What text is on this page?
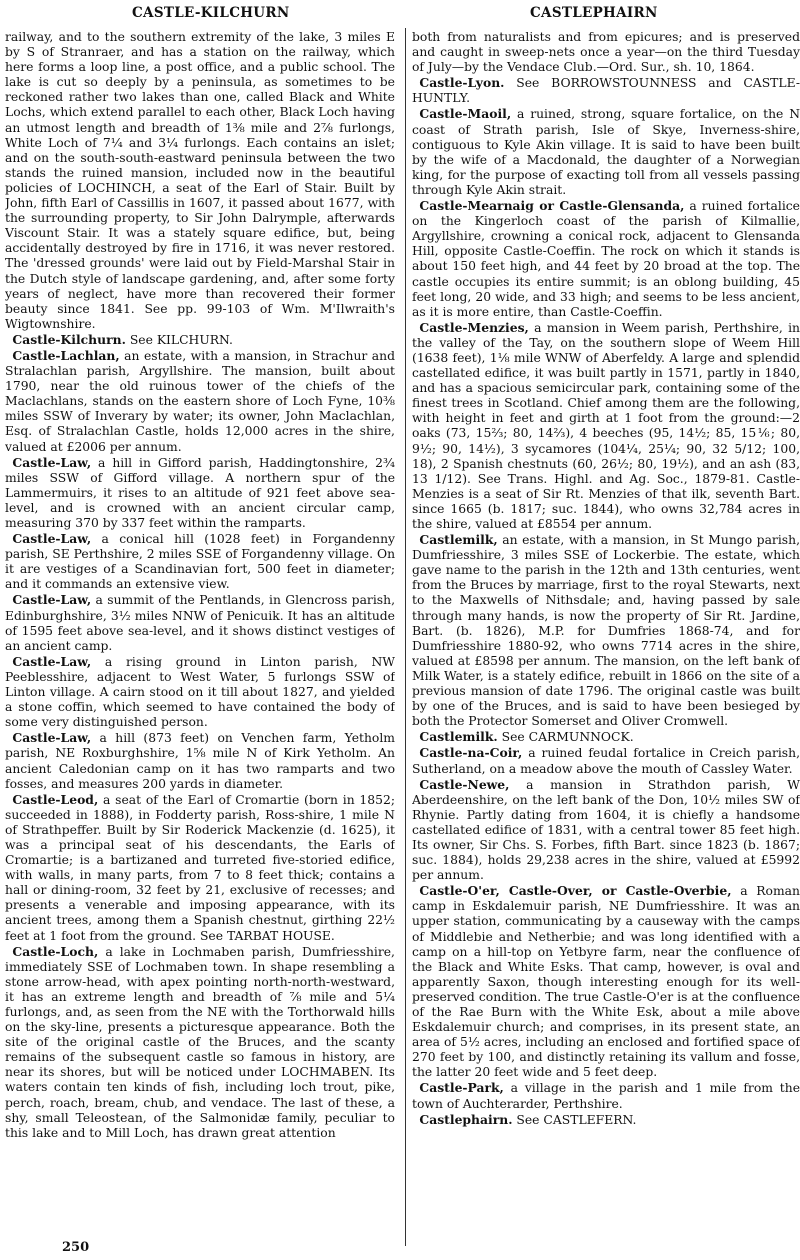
CASTLE-KILCHURN	CASTLEPHAIRN

railway, and to the southern extremity of the lake, 3 miles E by S of Stranraer, and has a station on the railway, which here forms a loop line, a post office, and a public school. The lake is cut so deeply by a peninsula, as sometimes to be reckoned rather two lakes than one, called Black and White Lochs, which extend parallel to each other, Black Loch having an utmost length and breadth of 1⅜ mile and 2⅞ furlongs, White Loch of 7¼ and 3¼ furlongs. Each contains an islet; and on the south-south-eastward peninsula between the two stands the ruined mansion, included now in the beautiful policies of LOCHINCH, a seat of the Earl of Stair. Built by John, fifth Earl of Cassillis in 1607, it passed about 1677, with the surrounding property, to Sir John Dalrymple, afterwards Viscount Stair. It was a stately square edifice, but, being accidentally destroyed by fire in 1716, it was never restored. The 'dressed grounds' were laid out by Field-Marshal Stair in the Dutch style of landscape gardening, and, after some forty years of neglect, have more than recovered their former beauty since 1841. See pp. 99-103 of Wm. M'Ilwraith's Wigtownshire.

Castle-Kilchurn. See KILCHURN.

Castle-Lachlan, an estate, with a mansion, in Strachur and Stralachlan parish, Argyllshire. The mansion, built about 1790, near the old ruinous tower of the chiefs of the Maclachlans, stands on the eastern shore of Loch Fyne, 10⅜ miles SSW of Inverary by water; its owner, John Maclachlan, Esq. of Stralachlan Castle, holds 12,000 acres in the shire, valued at £2006 per annum.

Castle-Law, a hill in Gifford parish, Haddingtonshire, 2¾ miles SSW of Gifford village. A northern spur of the Lammermuirs, it rises to an altitude of 921 feet above sea-level, and is crowned with an ancient circular camp, measuring 370 by 337 feet within the ramparts.

Castle-Law, a conical hill (1028 feet) in Forgandenny parish, SE Perthshire, 2 miles SSE of Forgandenny village. On it are vestiges of a Scandinavian fort, 500 feet in diameter; and it commands an extensive view.

Castle-Law, a summit of the Pentlands, in Glencross parish, Edinburghshire, 3½ miles NNW of Penicuik. It has an altitude of 1595 feet above sea-level, and it shows distinct vestiges of an ancient camp.

Castle-Law, a rising ground in Linton parish, NW Peeblesshire, adjacent to West Water, 5 furlongs SSW of Linton village. A cairn stood on it till about 1827, and yielded a stone coffin, which seemed to have contained the body of some very distinguished person.

Castle-Law, a hill (873 feet) on Venchen farm, Yetholm parish, NE Roxburghshire, 1⅝ mile N of Kirk Yetholm. An ancient Caledonian camp on it has two ramparts and two fosses, and measures 200 yards in diameter.

Castle-Leod, a seat of the Earl of Cromartie (born in 1852; succeeded in 1888), in Fodderty parish, Ross-shire, 1 mile N of Strathpeffer. Built by Sir Roderick Mackenzie (d. 1625), it was a principal seat of his descendants, the Earls of Cromartie; is a bartizaned and turreted five-storied edifice, with walls, in many parts, from 7 to 8 feet thick; contains a hall or dining-room, 32 feet by 21, exclusive of recesses; and presents a venerable and imposing appearance, with its ancient trees, among them a Spanish chestnut, girthing 22½ feet at 1 foot from the ground. See TARBAT HOUSE.

Castle-Loch, a lake in Lochmaben parish, Dumfriesshire, immediately SSE of Lochmaben town. In shape resembling a stone arrow-head, with apex pointing north-north-westward, it has an extreme length and breadth of ⅞ mile and 5¼ furlongs, and, as seen from the NE with the Torthorwald hills on the sky-line, presents a picturesque appearance. Both the site of the original castle of the Bruces, and the scanty remains of the subsequent castle so famous in history, are near its shores, but will be noticed under LOCHMABEN. Its waters contain ten kinds of fish, including loch trout, pike, perch, roach, bream, chub, and vendace. The last of these, a shy, small Teleostean, of the Salmonidæ family, peculiar to this lake and to Mill Loch, has drawn great attention

both from naturalists and from epicures; and is preserved and caught in sweep-nets once a year—on the third Tuesday of July—by the Vendace Club.—Ord. Sur., sh. 10, 1864.

Castle-Lyon. See BORROWSTOUNNESS and CASTLE-HUNTLY.

Castle-Maoil, a ruined, strong, square fortalice, on the N coast of Strath parish, Isle of Skye, Inverness-shire, contiguous to Kyle Akin village. It is said to have been built by the wife of a Macdonald, the daughter of a Norwegian king, for the purpose of exacting toll from all vessels passing through Kyle Akin strait.

Castle-Mearnaig or Castle-Glensanda, a ruined fortalice on the Kingerloch coast of the parish of Kilmallie, Argyllshire, crowning a conical rock, adjacent to Glensanda Hill, opposite Castle-Coeffin. The rock on which it stands is about 150 feet high, and 44 feet by 20 broad at the top. The castle occupies its entire summit; is an oblong building, 45 feet long, 20 wide, and 33 high; and seems to be less ancient, as it is more entire, than Castle-Coeffin.

Castle-Menzies, a mansion in Weem parish, Perthshire, in the valley of the Tay, on the southern slope of Weem Hill (1638 feet), 1⅛ mile WNW of Aberfeldy. A large and splendid castellated edifice, it was built partly in 1571, partly in 1840, and has a spacious semicircular park, containing some of the finest trees in Scotland. Chief among them are the following, with height in feet and girth at 1 foot from the ground:—2 oaks (73, 15⅔; 80, 14⅔), 4 beeches (95, 14½; 85, 15⅙; 80, 9½; 90, 14½), 3 sycamores (104¼, 25¼; 90, 32 5/12; 100, 18), 2 Spanish chestnuts (60, 26½; 80, 19½), and an ash (83, 13 1/12). See Trans. Highl. and Ag. Soc., 1879-81. Castle-Menzies is a seat of Sir Rt. Menzies of that ilk, seventh Bart. since 1665 (b. 1817; suc. 1844), who owns 32,784 acres in the shire, valued at £8554 per annum.

Castlemilk, an estate, with a mansion, in St Mungo parish, Dumfriesshire, 3 miles SSE of Lockerbie. The estate, which gave name to the parish in the 12th and 13th centuries, went from the Bruces by marriage, first to the royal Stewarts, next to the Maxwells of Nithsdale; and, having passed by sale through many hands, is now the property of Sir Rt. Jardine, Bart. (b. 1826), M.P. for Dumfries 1868-74, and for Dumfriesshire 1880-92, who owns 7714 acres in the shire, valued at £8598 per annum. The mansion, on the left bank of Milk Water, is a stately edifice, rebuilt in 1866 on the site of a previous mansion of date 1796. The original castle was built by one of the Bruces, and is said to have been besieged by both the Protector Somerset and Oliver Cromwell.

Castlemilk. See CARMUNNOCK.

Castle-na-Coir, a ruined feudal fortalice in Creich parish, Sutherland, on a meadow above the mouth of Cassley Water.

Castle-Newe, a mansion in Strathdon parish, W Aberdeenshire, on the left bank of the Don, 10½ miles SW of Rhynie. Partly dating from 1604, it is chiefly a handsome castellated edifice of 1831, with a central tower 85 feet high. Its owner, Sir Chs. S. Forbes, fifth Bart. since 1823 (b. 1867; suc. 1884), holds 29,238 acres in the shire, valued at £5992 per annum.

Castle-O'er, Castle-Over, or Castle-Overbie, a Roman camp in Eskdalemuir parish, NE Dumfriesshire. It was an upper station, communicating by a causeway with the camps of Middlebie and Netherbie; and was long identified with a camp on a hill-top on Yetbyre farm, near the confluence of the Black and White Esks. That camp, however, is oval and apparently Saxon, though interesting enough for its well-preserved condition. The true Castle-O'er is at the confluence of the Rae Burn with the White Esk, about a mile above Eskdalemuir church; and comprises, in its present state, an area of 5½ acres, including an enclosed and fortified space of 270 feet by 100, and distinctly retaining its vallum and fosse, the latter 20 feet wide and 5 feet deep.

Castle-Park, a village in the parish and 1 mile from the town of Auchterarder, Perthshire.

Castlephairn. See CASTLEFERN.

250
